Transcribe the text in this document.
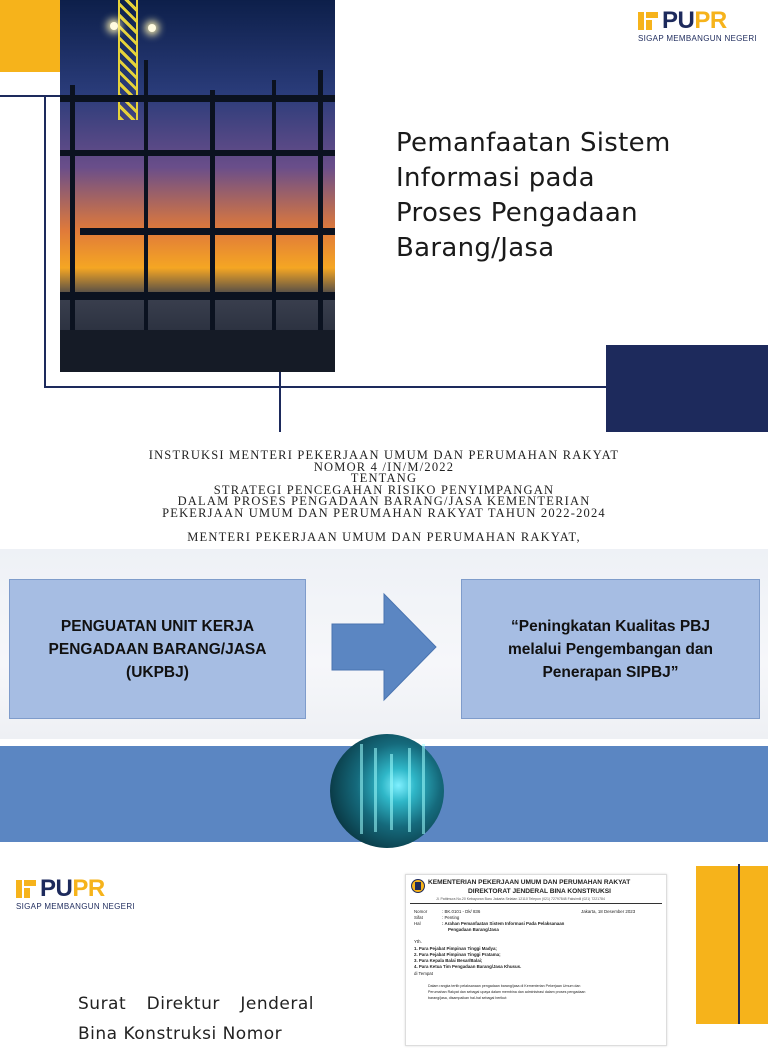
Pemanfaatan Sistem
Informasi pada
Proses Pengadaan
Barang/Jasa
PUPR
SIGAP MEMBANGUN NEGERI
INSTRUKSI MENTERI PEKERJAAN UMUM DAN PERUMAHAN RAKYAT
NOMOR 4 /IN/M/2022
TENTANG
STRATEGI PENCEGAHAN RISIKO PENYIMPANGAN
DALAM PROSES PENGADAAN BARANG/JASA KEMENTERIAN
PEKERJAAN UMUM DAN PERUMAHAN RAKYAT TAHUN 2022-2024
MENTERI PEKERJAAN UMUM DAN PERUMAHAN RAKYAT,
PENGUATAN UNIT KERJA
PENGADAAN BARANG/JASA
(UKPBJ)
“Peningkatan Kualitas PBJ
melalui Pengembangan dan
Penerapan SIPBJ”
PUPR
SIGAP MEMBANGUN NEGERI
Surat Direktur Jenderal Bina Konstruksi Nomor
KEMENTERIAN PEKERJAAN UMUM DAN PERUMAHAN RAKYAT
DIREKTORAT JENDERAL BINA KONSTRUKSI
Jl. Pattimura No.20 Kebayoran Baru Jakarta Selatan 12110 Telepon (021) 72797848 Faksimili (021) 7221784
Nomor	: BK.0101 - Dk/ 836	Jakarta, 18 Desember 2023
Sifat	: Penting
Hal	: Arahan Pemanfaatan Sistem Informasi Pada Pelaksanaan
Pengadaan Barang/Jasa
Yth.
1. Para Pejabat Pimpinan Tinggi Madya;
2. Para Pejabat Pimpinan Tinggi Pratama;
3. Para Kepala Balai Besar/Balai;
4. Para Ketua Tim Pengadaan Barang/Jasa Khusus.
di Tempat
Dalam rangka tertib pelaksanaan pengadaan barang/jasa di Kementerian Pekerjaan Umum dan
Perumahan Rakyat dan sebagai upaya dalam membina dan administrasi dalam proses pengadaan
barang/jasa, disampaikan hal-hal sebagai berikut:
